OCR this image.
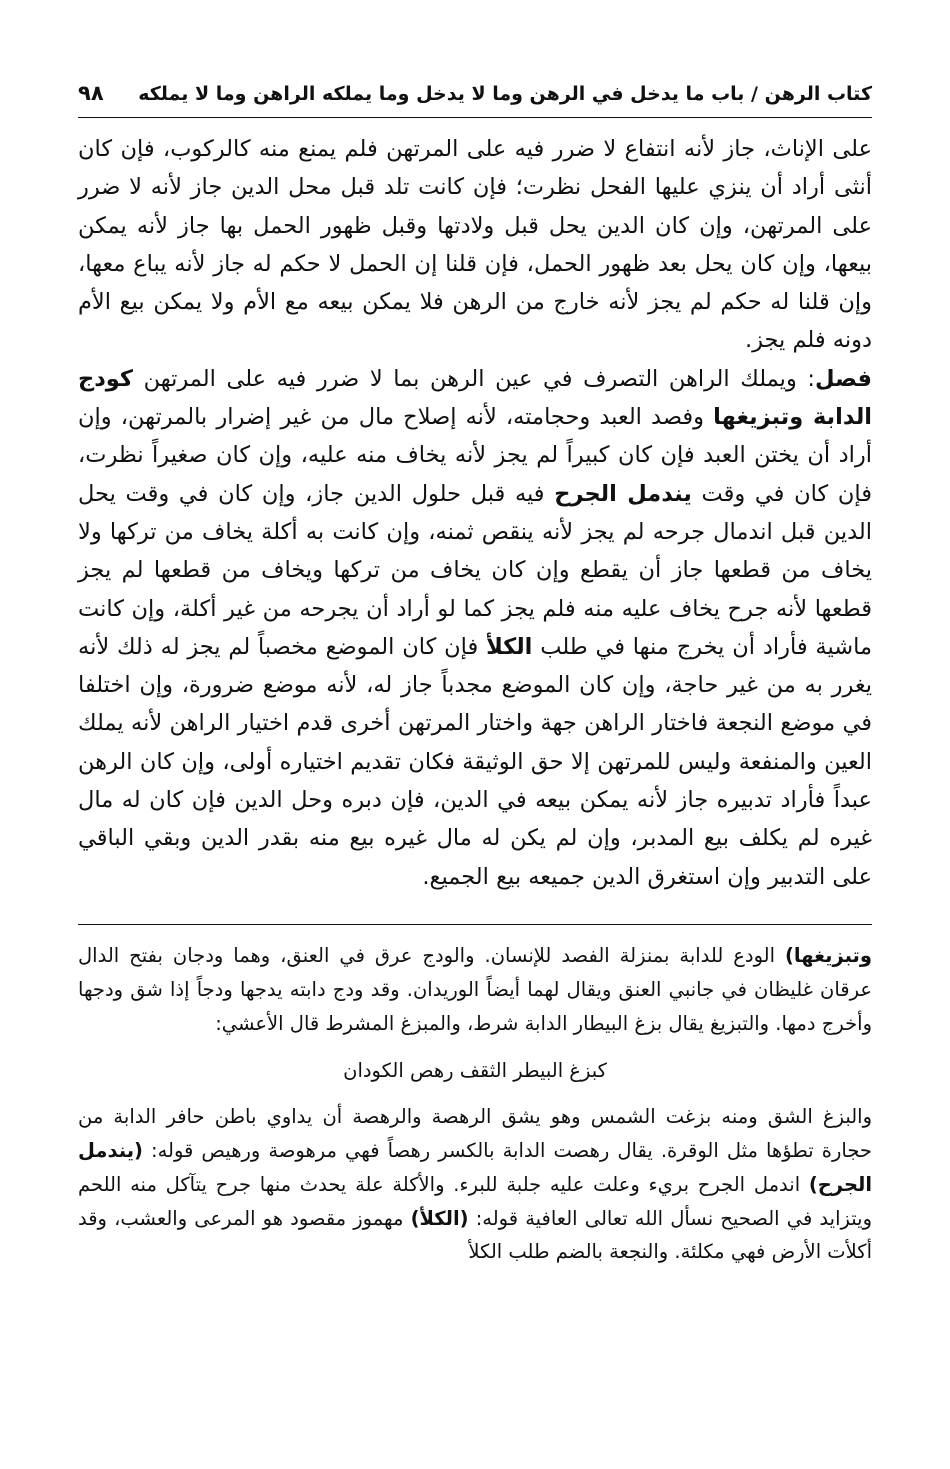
كتاب الرهن / باب ما يدخل في الرهن وما لا يدخل وما يملكه الراهن وما لا يملكه
٩٨

على الإناث، جاز لأنه انتفاع لا ضرر فيه على المرتهن فلم يمنع منه كالركوب، فإن كان أنثى أراد أن ينزي عليها الفحل نظرت؛ فإن كانت تلد قبل محل الدين جاز لأنه لا ضرر على المرتهن، وإن كان الدين يحل قبل ولادتها وقبل ظهور الحمل بها جاز لأنه يمكن بيعها، وإن كان يحل بعد ظهور الحمل، فإن قلنا إن الحمل لا حكم له جاز لأنه يباع معها، وإن قلنا له حكم لم يجز لأنه خارج من الرهن فلا يمكن بيعه مع الأم ولا يمكن بيع الأم دونه فلم يجز.

فصل: ويملك الراهن التصرف في عين الرهن بما لا ضرر فيه على المرتهن كودج الدابة وتبزيغها وفصد العبد وحجامته، لأنه إصلاح مال من غير إضرار بالمرتهن، وإن أراد أن يختن العبد فإن كان كبيراً لم يجز لأنه يخاف منه عليه، وإن كان صغيراً نظرت، فإن كان في وقت يندمل الجرح فيه قبل حلول الدين جاز، وإن كان في وقت يحل الدين قبل اندمال جرحه لم يجز لأنه ينقص ثمنه، وإن كانت به أكلة يخاف من تركها ولا يخاف من قطعها جاز أن يقطع وإن كان يخاف من تركها ويخاف من قطعها لم يجز قطعها لأنه جرح يخاف عليه منه فلم يجز كما لو أراد أن يجرحه من غير أكلة، وإن كانت ماشية فأراد أن يخرج منها في طلب الكلأ فإن كان الموضع مخصباً لم يجز له ذلك لأنه يغرر به من غير حاجة، وإن كان الموضع مجدباً جاز له، لأنه موضع ضرورة، وإن اختلفا في موضع النجعة فاختار الراهن جهة واختار المرتهن أخرى قدم اختيار الراهن لأنه يملك العين والمنفعة وليس للمرتهن إلا حق الوثيقة فكان تقديم اختياره أولى، وإن كان الرهن عبداً فأراد تدبيره جاز لأنه يمكن بيعه في الدين، فإن دبره وحل الدين فإن كان له مال غيره لم يكلف بيع المدبر، وإن لم يكن له مال غيره بيع منه بقدر الدين وبقي الباقي على التدبير وإن استغرق الدين جميعه بيع الجميع.

وتبزيغها) الودع للدابة بمنزلة الفصد للإنسان. والودج عرق في العنق، وهما ودجان بفتح الدال عرقان غليظان في جانبي العنق ويقال لهما أيضاً الوريدان. وقد ودج دابته يدجها ودجاً إذا شق ودجها وأخرج دمها. والتبزيغ يقال بزغ البيطار الدابة شرط، والمبزغ المشرط قال الأعشي:

كبزغ البيطر الثقف رهص الكودان

والبزغ الشق ومنه بزغت الشمس وهو يشق الرهصة والرهصة أن يداوي باطن حافر الدابة من حجارة تطؤها مثل الوقرة. يقال رهصت الدابة بالكسر رهصاً فهي مرهوصة ورهيص قوله: (يندمل الجرح) اندمل الجرح بريء وعلت عليه جلبة للبرء. والأكلة علة يحدث منها جرح يتآكل منه اللحم ويتزايد في الصحيح نسأل الله تعالى العافية قوله: (الكلأ) مهموز مقصود هو المرعى والعشب، وقد أكلأت الأرض فهي مكلئة. والنجعة بالضم طلب الكلأ
